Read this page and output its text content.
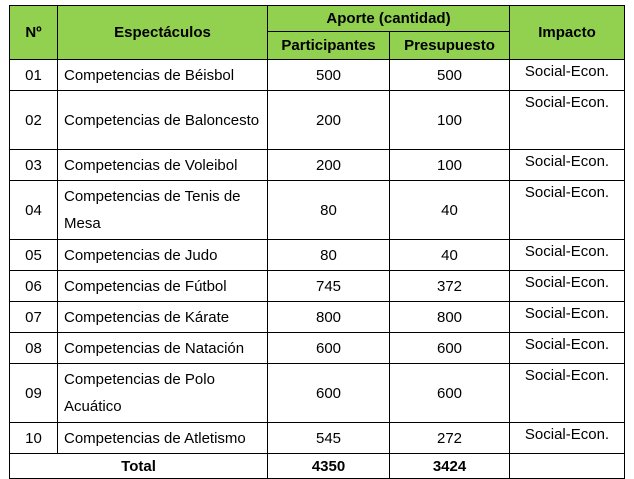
Nº	Espectáculos	Aporte (cantidad)		Impacto
		Participantes	Presupuesto	
01	Competencias de Béisbol	500	500	Social-Econ.
02	Competencias de Baloncesto	200	100	Social-Econ.
03	Competencias de Voleibol	200	100	Social-Econ.
04	Competencias de Tenis de Mesa	80	40	Social-Econ.
05	Competencias de Judo	80	40	Social-Econ.
06	Competencias de Fútbol	745	372	Social-Econ.
07	Competencias de Kárate	800	800	Social-Econ.
08	Competencias de Natación	600	600	Social-Econ.
09	Competencias de Polo Acuático	600	600	Social-Econ.
10	Competencias de Atletismo	545	272	Social-Econ.
Total		4350	3424	
